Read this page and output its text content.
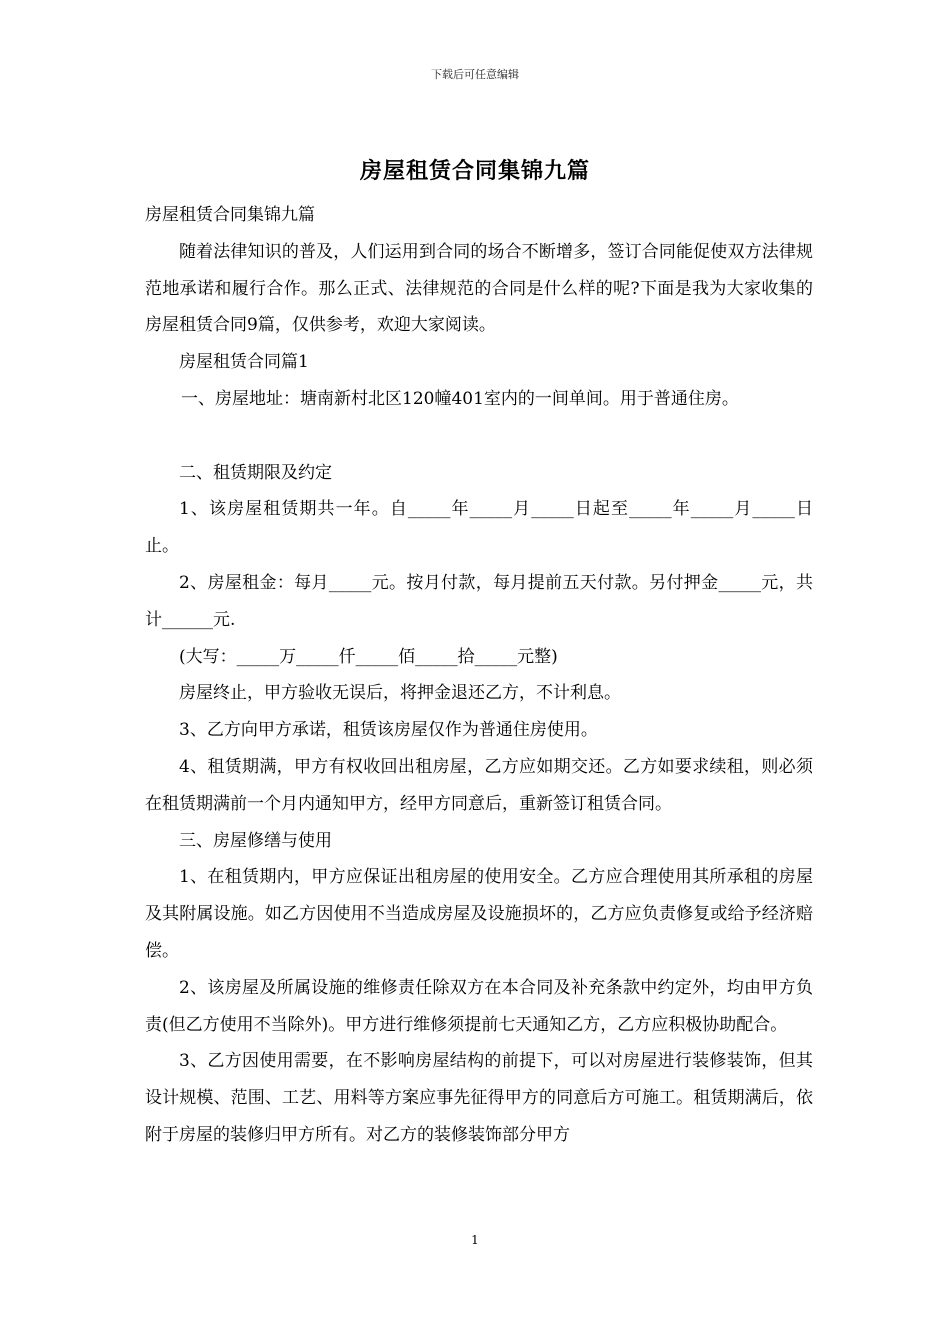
下载后可任意编辑
房屋租赁合同集锦九篇

房屋租赁合同集锦九篇

随着法律知识的普及，人们运用到合同的场合不断增多，签订合同能促使双方法律规范地承诺和履行合作。那么正式、法律规范的合同是什么样的呢?下面是我为大家收集的房屋租赁合同9篇，仅供参考，欢迎大家阅读。

房屋租赁合同篇1

一、房屋地址：塘南新村北区120幢401室内的一间单间。用于普通住房。

二、租赁期限及约定

1、该房屋租赁期共一年。自_____年_____月_____日起至_____年_____月_____日止。

2、房屋租金：每月_____元。按月付款，每月提前五天付款。另付押金_____元，共计______元.

(大写：_____万_____仟_____佰_____拾_____元整)

房屋终止，甲方验收无误后，将押金退还乙方，不计利息。

3、乙方向甲方承诺，租赁该房屋仅作为普通住房使用。

4、租赁期满，甲方有权收回出租房屋，乙方应如期交还。乙方如要求续租，则必须在租赁期满前一个月内通知甲方，经甲方同意后，重新签订租赁合同。

三、房屋修缮与使用

1、在租赁期内，甲方应保证出租房屋的使用安全。乙方应合理使用其所承租的房屋及其附属设施。如乙方因使用不当造成房屋及设施损坏的，乙方应负责修复或给予经济赔偿。

2、该房屋及所属设施的维修责任除双方在本合同及补充条款中约定外，均由甲方负责(但乙方使用不当除外)。甲方进行维修须提前七天通知乙方，乙方应积极协助配合。

3、乙方因使用需要，在不影响房屋结构的前提下，可以对房屋进行装修装饰，但其设计规模、范围、工艺、用料等方案应事先征得甲方的同意后方可施工。租赁期满后，依附于房屋的装修归甲方所有。对乙方的装修装饰部分甲方

1
